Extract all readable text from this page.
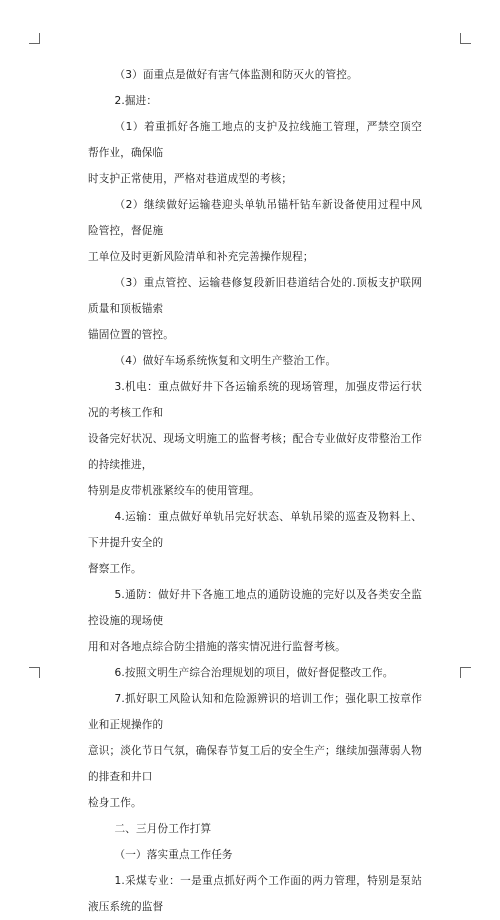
（3）面重点是做好有害气体监测和防灭火的管控。

2.掘进：

（1）着重抓好各施工地点的支护及拉线施工管理，严禁空顶空帮作业，确保临

时支护正常使用，严格对巷道成型的考核；

（2）继续做好运输巷迎头单轨吊锚杆钻车新设备使用过程中风险管控，督促施

工单位及时更新风险清单和补充完善操作规程；

（3）重点管控、运输巷修复段新旧巷道结合处的.顶板支护联网质量和顶板锚索

锚固位置的管控。

（4）做好车场系统恢复和文明生产整治工作。

3.机电：重点做好井下各运输系统的现场管理，加强皮带运行状况的考核工作和

设备完好状况、现场文明施工的监督考核；配合专业做好皮带整治工作的持续推进，

特别是皮带机涨紧绞车的使用管理。

4.运输：重点做好单轨吊完好状态、单轨吊梁的巡查及物料上、下井提升安全的

督察工作。

5.通防：做好井下各施工地点的通防设施的完好以及各类安全监控设施的现场使

用和对各地点综合防尘措施的落实情况进行监督考核。

6.按照文明生产综合治理规划的项目，做好督促整改工作。

7.抓好职工风险认知和危险源辨识的培训工作；强化职工按章作业和正规操作的

意识；淡化节日气氛，确保春节复工后的安全生产；继续加强薄弱人物的排查和井口

检身工作。

二、三月份工作打算

（一）落实重点工作任务

1.采煤专业：一是重点抓好两个工作面的两力管理，特别是泵站液压系统的监督
